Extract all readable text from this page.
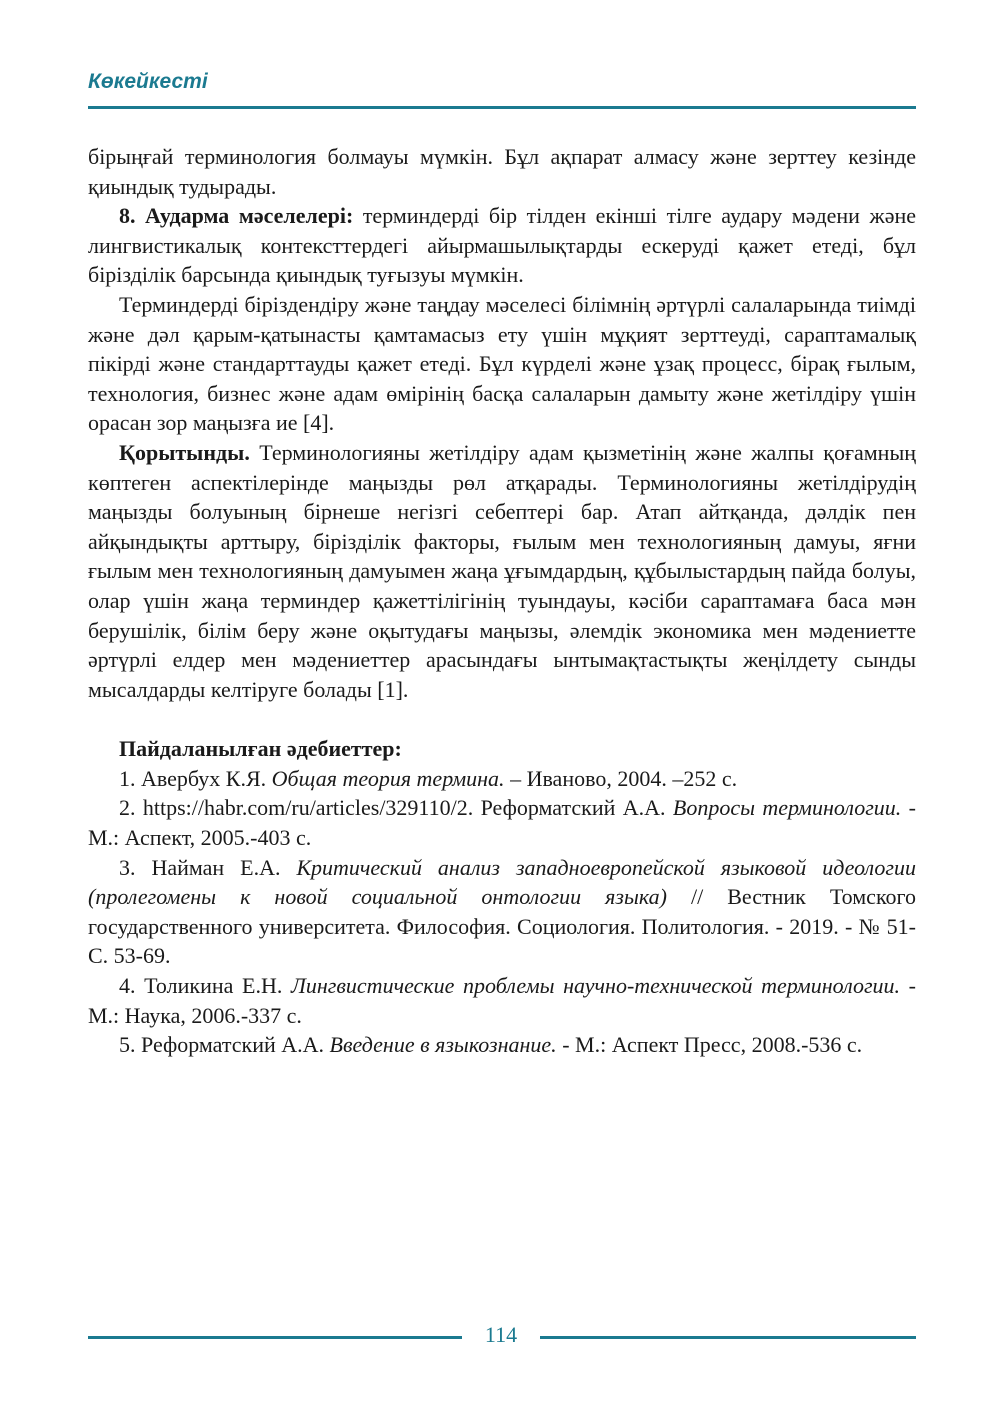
Көкейкесті

бірыңғай терминология болмауы мүмкін. Бұл ақпарат алмасу және зерттеу кезінде қиындық тудырады.

8. Аударма мәселелері: терминдерді бір тілден екінші тілге аудару мәдени және лингвистикалық контексттердегі айырмашылықтарды ескеруді қажет етеді, бұл біріздiлік барсында қиындық туғызуы мүмкін.

Терминдерді біріздендіру және таңдау мәселесі білімнің әртүрлі салаларында тиімді және дәл қарым-қатынасты қамтамасыз ету үшін мұқият зерттеуді, сараптамалық пікірді және стандарттауды қажет етеді. Бұл күрделі және ұзақ процесс, бірақ ғылым, технология, бизнес және адам өмірінің басқа салаларын дамыту және жетілдіру үшін орасан зор маңызға ие [4].

Қорытынды. Терминологияны жетілдіру адам қызметінің және жалпы қоғамның көптеген аспектілерінде маңызды рөл атқарады. Терминологияны жетілдірудің маңызды болуының бірнеше негізгі себептері бар. Атап айтқанда, дәлдік пен айқындықты арттыру, біріздiлік факторы, ғылым мен технологияның дамуы, яғни ғылым мен технологияның дамуымен жаңа ұғымдардың, құбылыстардың пайда болуы, олар үшін жаңа терминдер қажеттілігінің туындауы, кәсіби сараптамаға баса мән берушілік, білім беру және оқытудағы маңызы, әлемдік экономика мен мәдениетте әртүрлі елдер мен мәдениеттер арасындағы ынтымақтастықты жеңілдету сынды мысалдарды келтіруге болады [1].

Пайдаланылған әдебиеттер:

1. Авербух К.Я. Общая теория термина. – Иваново, 2004. –252 с.

2. https://habr.com/ru/articles/329110/2. Реформатский А.А. Вопросы терминологии. - М.: Аспект, 2005.-403 с.

3. Найман Е.А. Критический анализ западноевропейской языковой идеологии (пролегомены к новой социальной онтологии языка) // Вестник Томского государственного университета. Философия. Социология. Политология. - 2019. - № 51- С. 53-69.

4. Толикина Е.Н. Лингвистические проблемы научно-технической терминологии. - М.: Наука, 2006.-337 с.

5. Реформатский А.А. Введение в языкознание. - М.: Аспект Пресс, 2008.-536 с.

114
